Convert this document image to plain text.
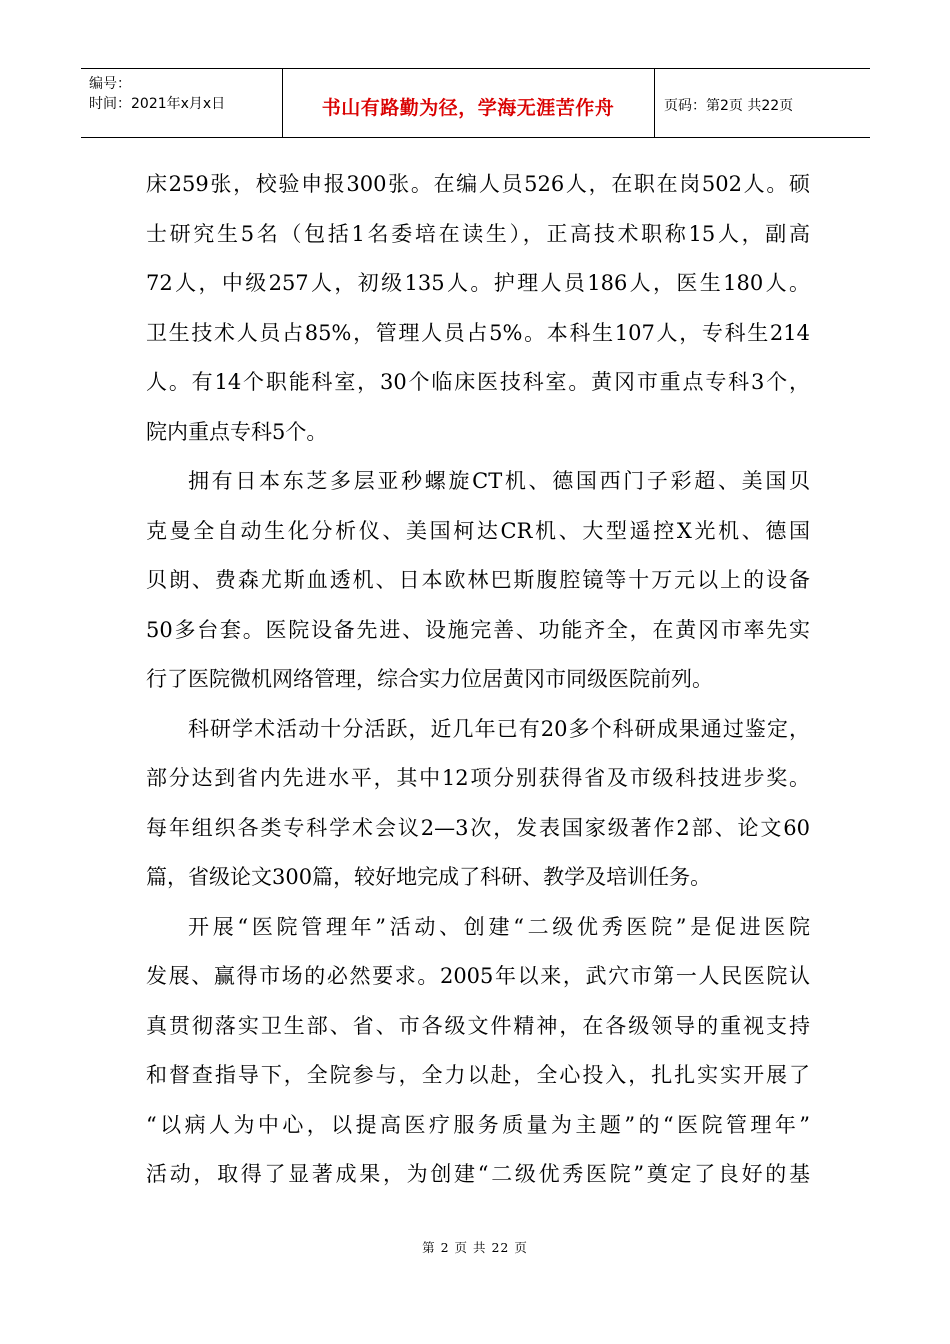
编号：
时间：2021年x月x日	书山有路勤为径，学海无涯苦作舟	页码：第2页 共22页
床259张，校验申报300张。在编人员526人，在职在岗502人。硕
士研究生5名（包括1名委培在读生），正高技术职称15人，副高
72人，中级257人，初级135人。护理人员186人，医生180人。
卫生技术人员占85%，管理人员占5%。本科生107人，专科生214
人。有14个职能科室，30个临床医技科室。黄冈市重点专科3个，
院内重点专科5个。
拥有日本东芝多层亚秒螺旋CT机、德国西门子彩超、美国贝
克曼全自动生化分析仪、美国柯达CR机、大型遥控X光机、德国
贝朗、费森尤斯血透机、日本欧林巴斯腹腔镜等十万元以上的设备
50多台套。医院设备先进、设施完善、功能齐全，在黄冈市率先实
行了医院微机网络管理，综合实力位居黄冈市同级医院前列。
科研学术活动十分活跃，近几年已有20多个科研成果通过鉴定，
部分达到省内先进水平，其中12项分别获得省及市级科技进步奖。
每年组织各类专科学术会议2—3次，发表国家级著作2部、论文60
篇，省级论文300篇，较好地完成了科研、教学及培训任务。
开展“医院管理年”活动、创建“二级优秀医院”是促进医院
发展、赢得市场的必然要求。2005年以来，武穴市第一人民医院认
真贯彻落实卫生部、省、市各级文件精神，在各级领导的重视支持
和督查指导下，全院参与，全力以赴，全心投入，扎扎实实开展了
“以病人为中心，以提高医疗服务质量为主题”的“医院管理年”
活动，取得了显著成果，为创建“二级优秀医院”奠定了良好的基
第 2 页 共 22 页
